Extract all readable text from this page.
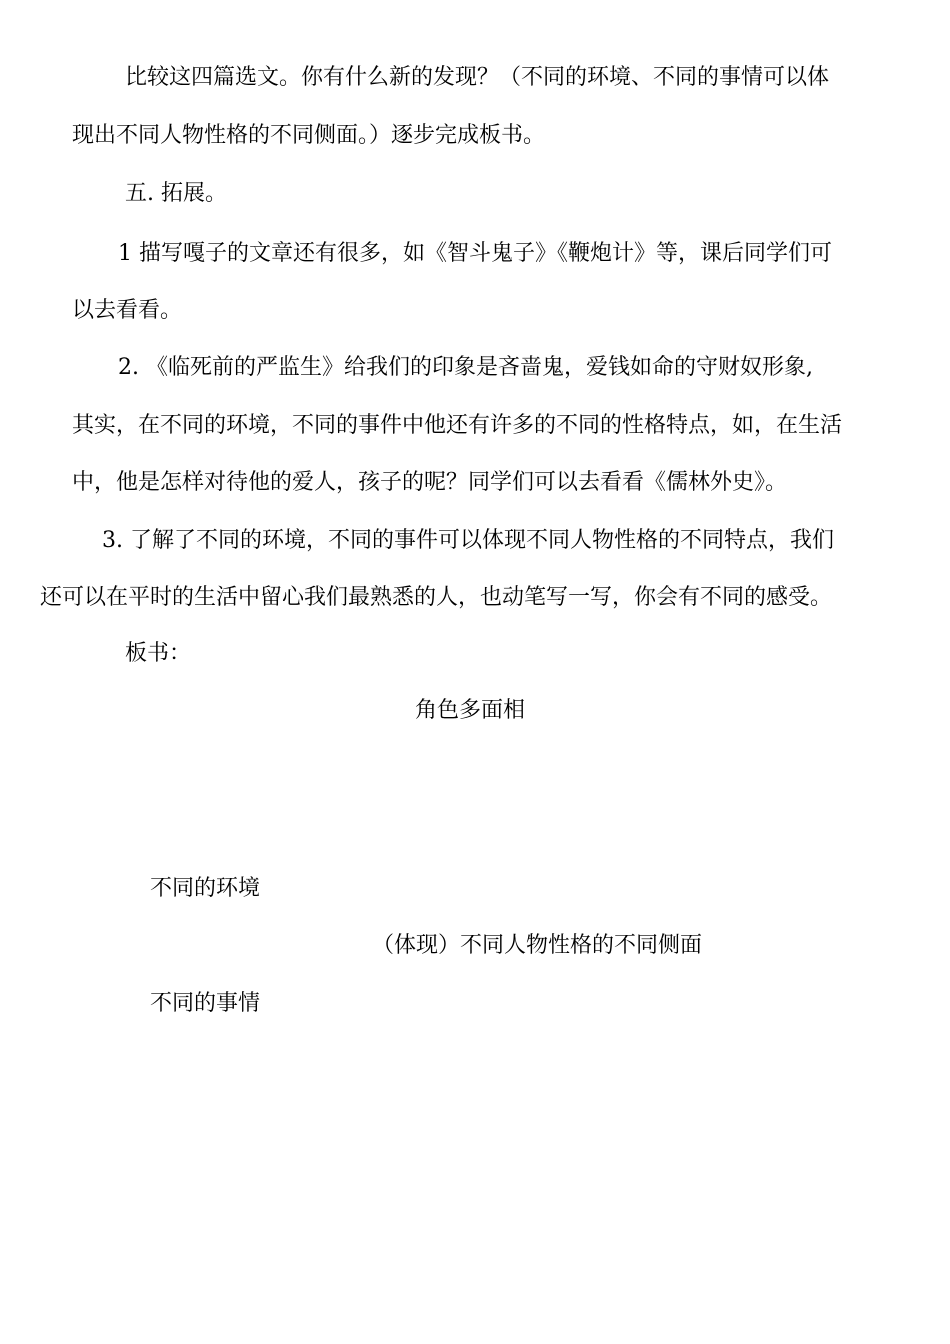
比较这四篇选文。你有什么新的发现？（不同的环境、不同的事情可以体
现出不同人物性格的不同侧面。）逐步完成板书。
五. 拓展。
1 描写嘎子的文章还有很多，如《智斗鬼子》《鞭炮计》等，课后同学们可
以去看看。
2. 《临死前的严监生》给我们的印象是吝啬鬼，爱钱如命的守财奴形象,
其实，在不同的环境，不同的事件中他还有许多的不同的性格特点，如，在生活
中，他是怎样对待他的爱人，孩子的呢？同学们可以去看看《儒林外史》。
3. 了解了不同的环境，不同的事件可以体现不同人物性格的不同特点，我们
还可以在平时的生活中留心我们最熟悉的人，也动笔写一写，你会有不同的感受。
板书：
角色多面相
不同的环境
（体现）不同人物性格的不同侧面
不同的事情
